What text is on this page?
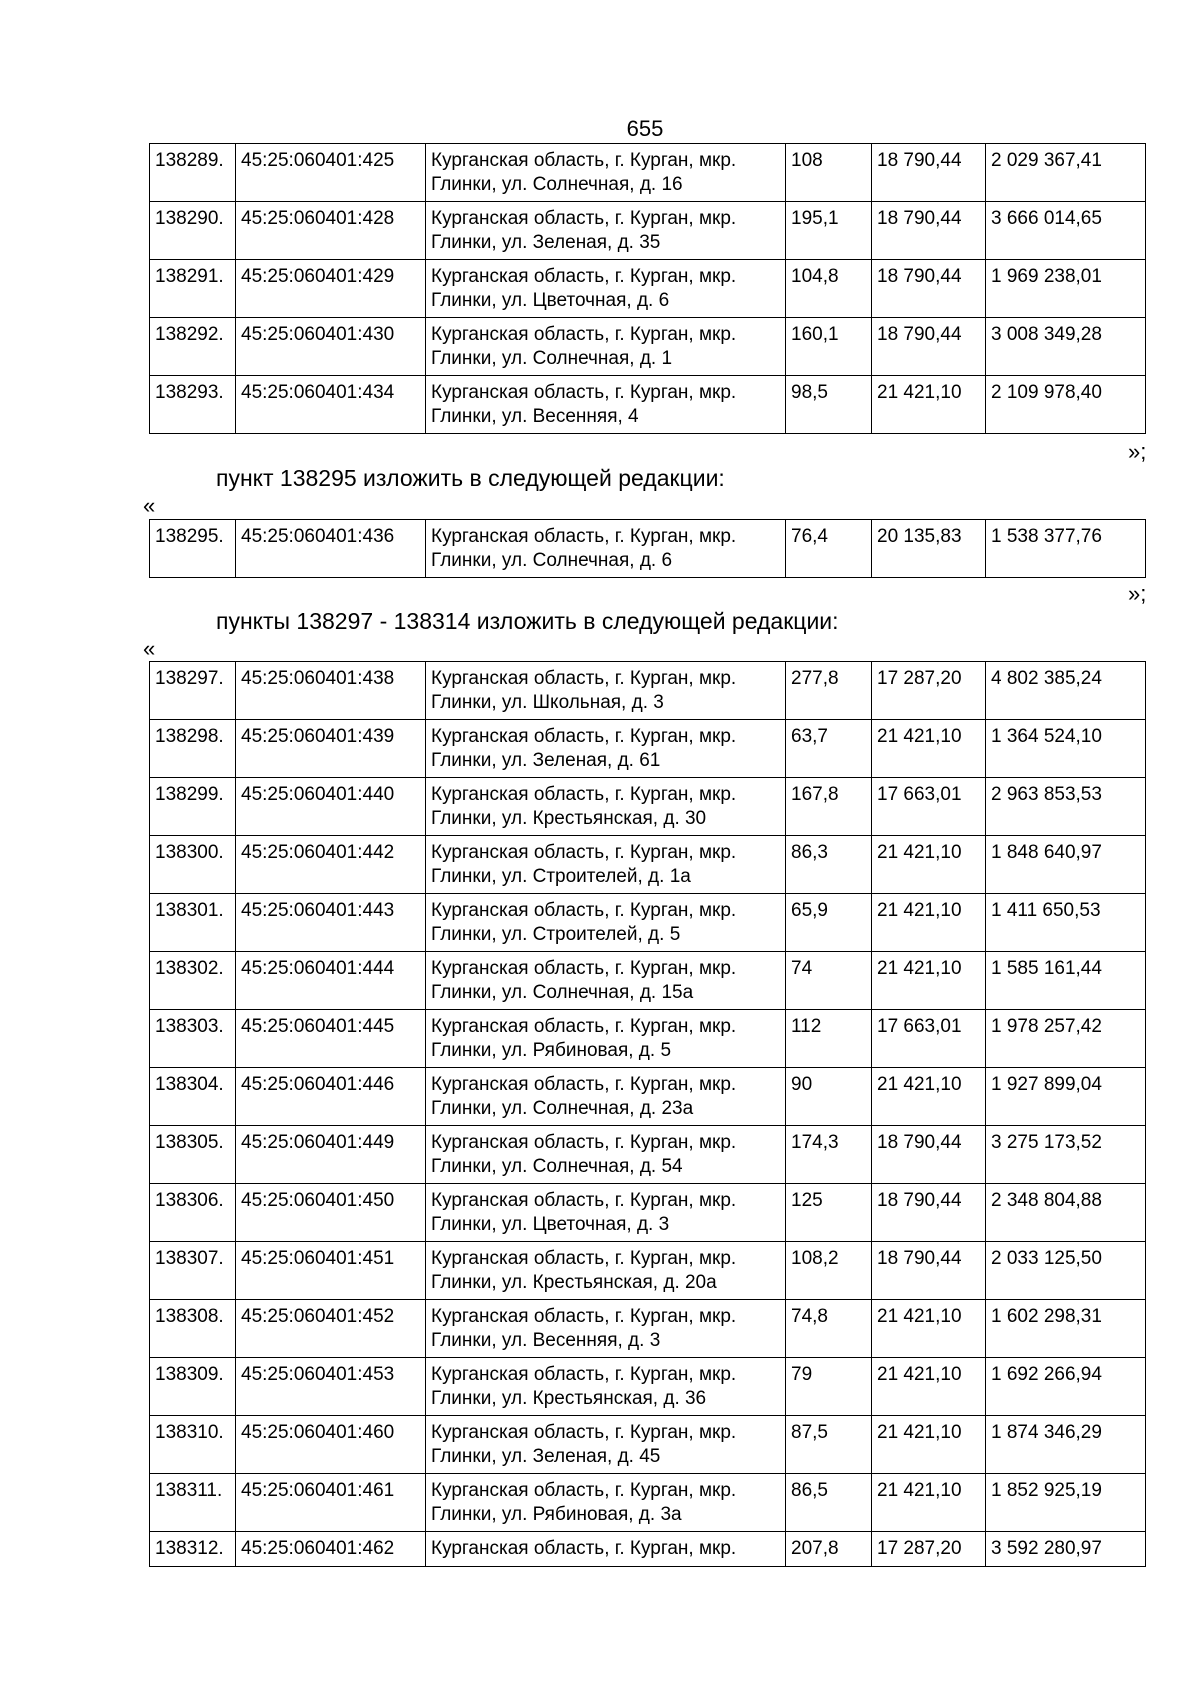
655
138289.	45:25:060401:425	Курганская область, г. Курган, мкр.
Глинки, ул. Солнечная, д. 16	108	18 790,44	2 029 367,41
138290.	45:25:060401:428	Курганская область, г. Курган, мкр.
Глинки, ул. Зеленая, д. 35	195,1	18 790,44	3 666 014,65
138291.	45:25:060401:429	Курганская область, г. Курган, мкр.
Глинки, ул. Цветочная, д. 6	104,8	18 790,44	1 969 238,01
138292.	45:25:060401:430	Курганская область, г. Курган, мкр.
Глинки, ул. Солнечная, д. 1	160,1	18 790,44	3 008 349,28
138293.	45:25:060401:434	Курганская область, г. Курган, мкр.
Глинки, ул. Весенняя, 4	98,5	21 421,10	2 109 978,40
»;
пункт 138295 изложить в следующей редакции:
«
138295.	45:25:060401:436	Курганская область, г. Курган, мкр.
Глинки, ул. Солнечная, д. 6
	76,4	20 135,83	1 538 377,76
»;
пункты 138297 - 138314 изложить в следующей редакции:
«
138297.	45:25:060401:438	Курганская область, г. Курган, мкр.
Глинки, ул. Школьная, д. 3	277,8	17 287,20	4 802 385,24
138298.	45:25:060401:439	Курганская область, г. Курган, мкр.
Глинки, ул. Зеленая, д. 61	63,7	21 421,10	1 364 524,10
138299.	45:25:060401:440	Курганская область, г. Курган, мкр.
Глинки, ул. Крестьянская, д. 30	167,8	17 663,01	2 963 853,53
138300.	45:25:060401:442	Курганская область, г. Курган, мкр.
Глинки, ул. Строителей, д. 1а	86,3	21 421,10	1 848 640,97
138301.	45:25:060401:443	Курганская область, г. Курган, мкр.
Глинки, ул. Строителей, д. 5	65,9	21 421,10	1 411 650,53
138302.	45:25:060401:444	Курганская область, г. Курган, мкр.
Глинки, ул. Солнечная, д. 15а	74	21 421,10	1 585 161,44
138303.	45:25:060401:445	Курганская область, г. Курган, мкр.
Глинки, ул. Рябиновая, д. 5	112	17 663,01	1 978 257,42
138304.	45:25:060401:446	Курганская область, г. Курган, мкр.
Глинки, ул. Солнечная, д. 23а	90	21 421,10	1 927 899,04
138305.	45:25:060401:449	Курганская область, г. Курган, мкр.
Глинки, ул. Солнечная, д. 54	174,3	18 790,44	3 275 173,52
138306.	45:25:060401:450	Курганская область, г. Курган, мкр.
Глинки, ул. Цветочная, д. 3	125	18 790,44	2 348 804,88
138307.	45:25:060401:451	Курганская область, г. Курган, мкр.
Глинки, ул. Крестьянская, д. 20а	108,2	18 790,44	2 033 125,50
138308.	45:25:060401:452	Курганская область, г. Курган, мкр.
Глинки, ул. Весенняя, д. 3	74,8	21 421,10	1 602 298,31
138309.	45:25:060401:453	Курганская область, г. Курган, мкр.
Глинки, ул. Крестьянская, д. 36	79	21 421,10	1 692 266,94
138310.	45:25:060401:460	Курганская область, г. Курган, мкр.
Глинки, ул. Зеленая, д. 45	87,5	21 421,10	1 874 346,29
138311.	45:25:060401:461	Курганская область, г. Курган, мкр.
Глинки, ул. Рябиновая, д. 3а	86,5	21 421,10	1 852 925,19
138312.	45:25:060401:462	Курганская область, г. Курган, мкр.	207,8	17 287,20	3 592 280,97
